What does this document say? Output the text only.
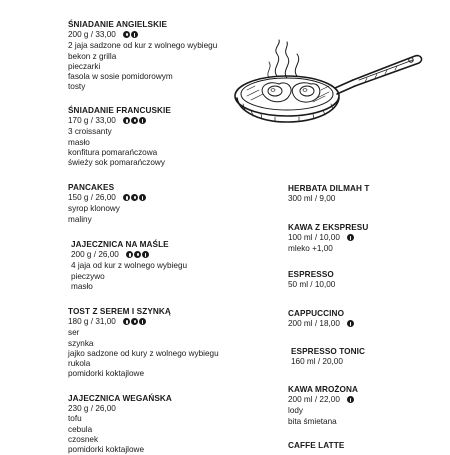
ŚNIADANIE ANGIELSKIE
200 g / 33,00
2 jaja sadzone od kur z wolnego wybiegu
bekon z grilla
pieczarki
fasola w sosie pomidorowym
tosty
ŚNIADANIE FRANCUSKIE
170 g / 33,00
3 croissanty
masło
konfitura pomarańczowa
świeży sok pomarańczowy
PANCAKES
150 g / 26,00
syrop klonowy
maliny
JAJECZNICA NA MAŚLE
200 g / 26,00
4 jaja od kur z wolnego wybiegu
pieczywo
masło
TOST Z SEREM I SZYNKĄ
180 g / 31,00
ser
szynka
jajko sadzone od kury z wolnego wybiegu
rukola
pomidorki koktajlowe
JAJECZNICA WEGAŃSKA
230 g / 26,00
tofu
cebula
czosnek
pomidorki koktajlowe
HERBATA DILMAH T
300 ml / 9,00
KAWA Z EKSPRESU
100 ml / 10,00
mleko +1,00
ESPRESSO
50 ml / 10,00
CAPPUCCINO
200 ml / 18,00
ESPRESSO TONIC
160 ml / 20,00
KAWA MROŻONA
200 ml / 22,00
lody
bita śmietana
CAFFE LATTE
